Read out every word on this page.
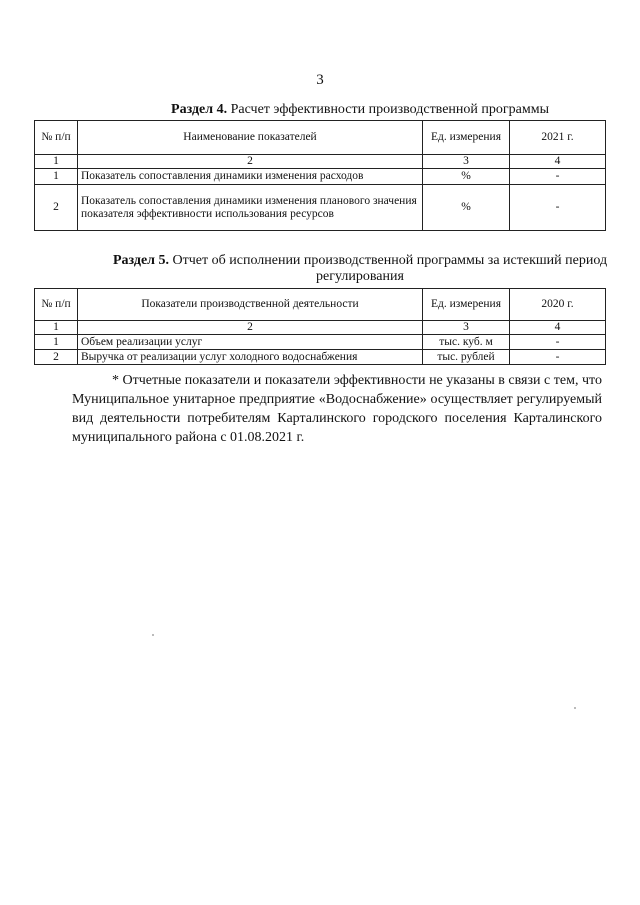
3
Раздел 4. Расчет эффективности производственной программы
№ п/п	Наименование показателей	Ед. измерения	2021 г.
1	2	3	4
1	Показатель сопоставления динамики изменения расходов	%	-
2	Показатель сопоставления динамики изменения планового значения показателя эффективности использования ресурсов	%	-
Раздел 5. Отчет об исполнении производственной программы за истекший период регулирования
№ п/п	Показатели производственной деятельности	Ед. измерения	2020 г.
1	2	3	4
1	Объем реализации услуг	тыс. куб. м	-
2	Выручка от реализации услуг холодного водоснабжения	тыс. рублей	-
* Отчетные показатели и показатели эффективности не указаны в связи с тем, что Муниципальное унитарное предприятие «Водоснабжение» осуществляет регулируемый вид деятельности потребителям Карталинского городского поселения Карталинского муниципального района с 01.08.2021 г.
